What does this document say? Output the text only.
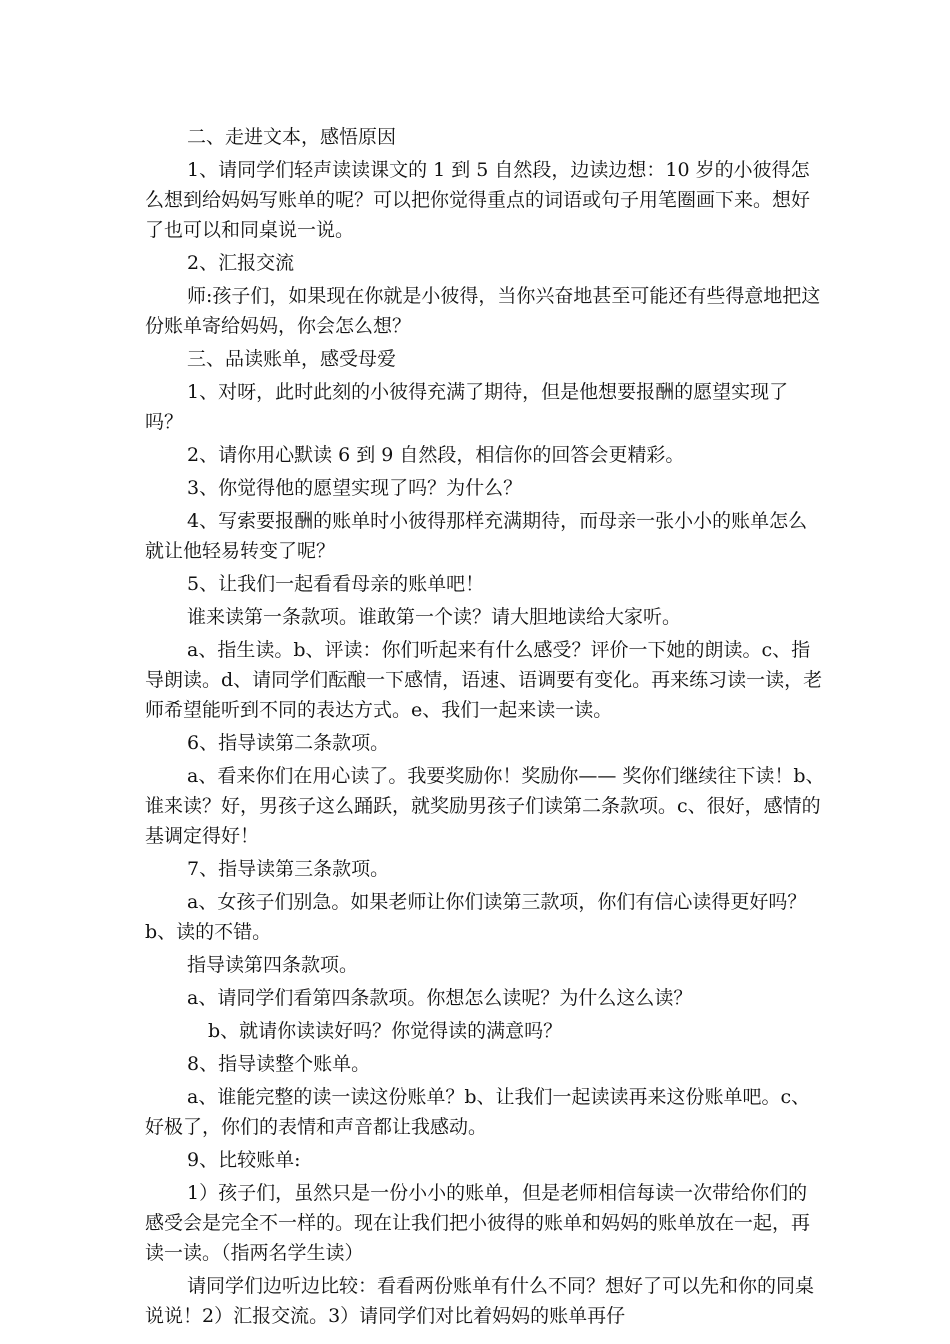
二、走进文本，感悟原因

1、请同学们轻声读读课文的 1 到 5 自然段，边读边想：10 岁的小彼得怎么想到给妈妈写账单的呢？可以把你觉得重点的词语或句子用笔圈画下来。想好了也可以和同桌说一说。

2、汇报交流

师:孩子们，如果现在你就是小彼得，当你兴奋地甚至可能还有些得意地把这份账单寄给妈妈，你会怎么想？

三、品读账单，感受母爱

1、对呀，此时此刻的小彼得充满了期待，但是他想要报酬的愿望实现了吗？

2、请你用心默读 6 到 9 自然段，相信你的回答会更精彩。

3、你觉得他的愿望实现了吗？为什么？

4、写索要报酬的账单时小彼得那样充满期待，而母亲一张小小的账单怎么就让他轻易转变了呢？

5、让我们一起看看母亲的账单吧！

谁来读第一条款项。谁敢第一个读？请大胆地读给大家听。

a、指生读。b、评读：你们听起来有什么感受？评价一下她的朗读。c、指导朗读。d、请同学们酝酿一下感情，语速、语调要有变化。再来练习读一读，老师希望能听到不同的表达方式。e、我们一起来读一读。

6、指导读第二条款项。

a、看来你们在用心读了。我要奖励你！奖励你—— 奖你们继续往下读！b、谁来读？好，男孩子这么踊跃，就奖励男孩子们读第二条款项。c、很好，感情的基调定得好！

7、指导读第三条款项。

a、女孩子们别急。如果老师让你们读第三款项，你们有信心读得更好吗？b、读的不错。

指导读第四条款项。

a、请同学们看第四条款项。你想怎么读呢？为什么这么读？

b、就请你读读好吗？你觉得读的满意吗？

8、指导读整个账单。

a、谁能完整的读一读这份账单？b、让我们一起读读再来这份账单吧。c、好极了，你们的表情和声音都让我感动。

9、比较账单:

1）孩子们，虽然只是一份小小的账单，但是老师相信每读一次带给你们的感受会是完全不一样的。现在让我们把小彼得的账单和妈妈的账单放在一起，再读一读。（指两名学生读）

请同学们边听边比较：看看两份账单有什么不同？想好了可以先和你的同桌说说！2）汇报交流。3）请同学们对比着妈妈的账单再仔
